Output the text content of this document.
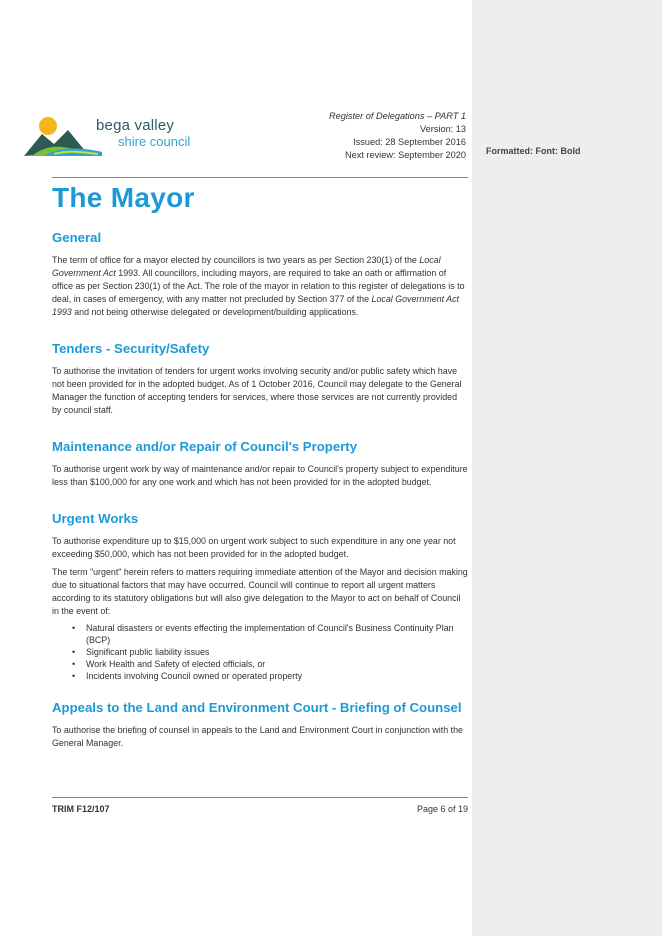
Formatted: Font: Bold
bega valley
shire council
Register of Delegations – PART 1
Version: 13
Issued: 28 September 2016
Next review: September 2020
The Mayor
General

The term of office for a mayor elected by councillors is two years as per Section 230(1) of the Local Government Act 1993. All councillors, including mayors, are required to take an oath or affirmation of office as per Section 230(1) of the Act. The role of the mayor in relation to this register of delegations is to deal, in cases of emergency, with any matter not precluded by Section 377 of the Local Government Act 1993 and not being otherwise delegated or development/building applications.

Tenders - Security/Safety

To authorise the invitation of tenders for urgent works involving security and/or public safety which have not been provided for in the adopted budget. As of 1 October 2016, Council may delegate to the General Manager the function of accepting tenders for services, where those services are not currently provided by council staff.

Maintenance and/or Repair of Council's Property

To authorise urgent work by way of maintenance and/or repair to Council's property subject to expenditure less than $100,000 for any one work and which has not been provided for in the adopted budget.

Urgent Works

To authorise expenditure up to $15,000 on urgent work subject to such expenditure in any one year not exceeding $50,000, which has not been provided for in the adopted budget.

The term "urgent" herein refers to matters requiring immediate attention of the Mayor and decision making due to situational factors that may have occurred. Council will continue to report all urgent matters according to its statutory obligations but will also give delegation to the Mayor to act on behalf of Council in the event of:

• Natural disasters or events effecting the implementation of Council's Business Continuity Plan (BCP)
• Significant public liability issues
• Work Health and Safety of elected officials, or
• Incidents involving Council owned or operated property
Appeals to the Land and Environment Court - Briefing of Counsel

To authorise the briefing of counsel in appeals to the Land and Environment Court in conjunction with the General Manager.

TRIM F12/107	Page 6 of 19
